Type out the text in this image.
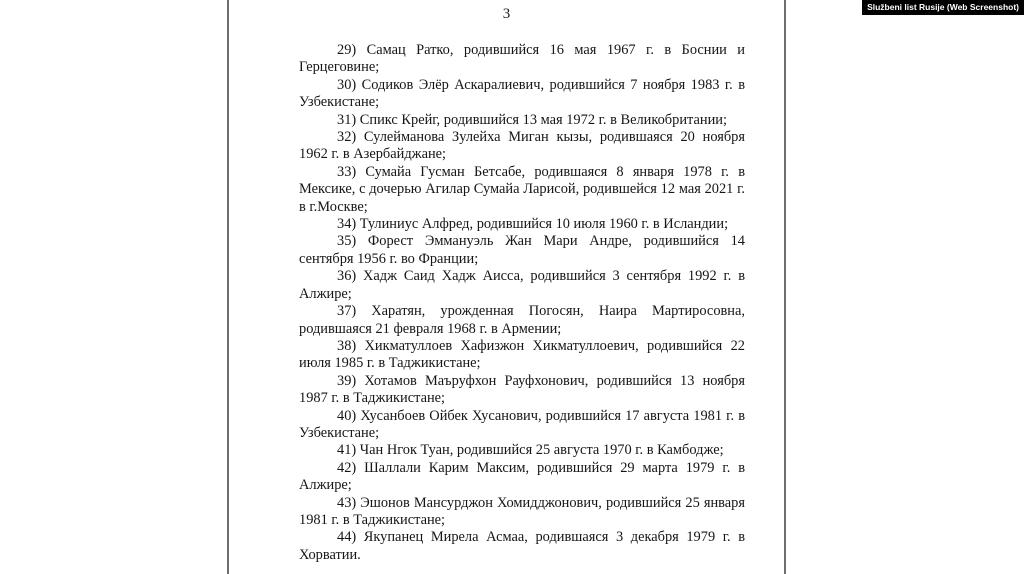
3

29) Самац Ратко, родившийся 16 мая 1967 г. в Боснии и Герцеговине;

30) Содиков Элёр Аскаралиевич, родившийся 7 ноября 1983 г. в Узбекистане;

31) Спикс Крейг, родившийся 13 мая 1972 г. в Великобритании;

32) Сулейманова Зулейха Миган кызы, родившаяся 20 ноября 1962 г. в Азербайджане;

33) Сумайа Гусман Бетсабе, родившаяся 8 января 1978 г. в Мексике, с дочерью Агилар Сумайа Ларисой, родившейся 12 мая 2021 г. в г.Москве;

34) Тулиниус Алфред, родившийся 10 июля 1960 г. в Исландии;

35) Форест Эммануэль Жан Мари Андре, родившийся 14 сентября 1956 г. во Франции;

36) Хадж Саид Хадж Аисса, родившийся 3 сентября 1992 г. в Алжире;

37) Харатян, урожденная Погосян, Наира Мартиросовна, родившаяся 21 февраля 1968 г. в Армении;

38) Хикматуллоев Хафизжон Хикматуллоевич, родившийся 22 июля 1985 г. в Таджикистане;

39) Хотамов Маъруфхон Рауфхонович, родившийся 13 ноября 1987 г. в Таджикистане;

40) Хусанбоев Ойбек Хусанович, родившийся 17 августа 1981 г. в Узбекистане;

41) Чан Нгок Туан, родившийся 25 августа 1970 г. в Камбодже;

42) Шаллали Карим Максим, родившийся 29 марта 1979 г. в Алжире;

43) Эшонов Мансурджон Хомидджонович, родившийся 25 января 1981 г. в Таджикистане;

44) Якупанец Мирела Асмаа, родившаяся 3 декабря 1979 г. в Хорватии.

Službeni list Rusije (Web Screenshot)
